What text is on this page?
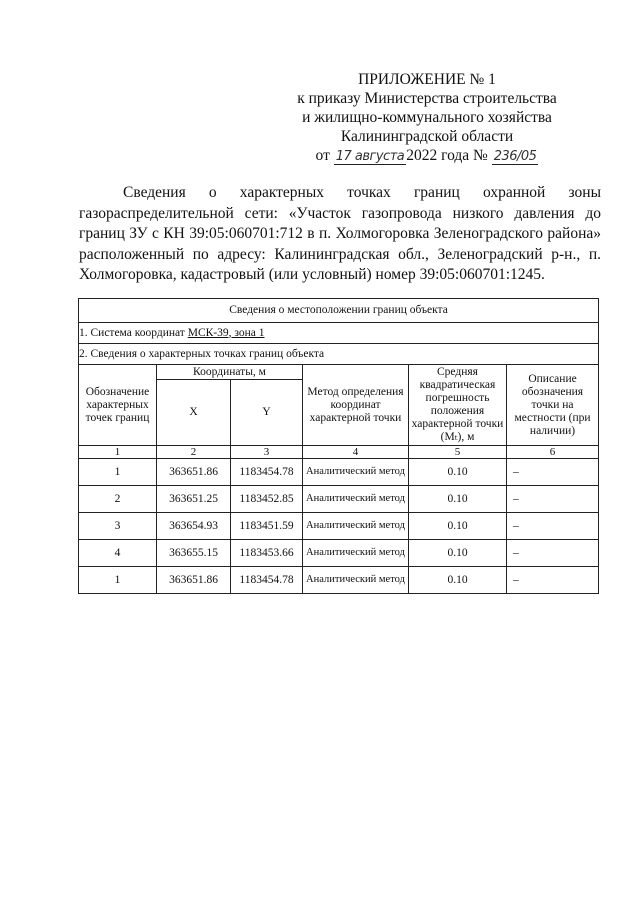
ПРИЛОЖЕНИЕ № 1
к приказу Министерства строительства
и жилищно-коммунального хозяйства
Калининградской области
от 17 августа 2022 года № 236/05
Сведения о характерных точках границ охранной зоны газораспределительной сети: «Участок газопровода низкого давления до границ ЗУ с КН 39:05:060701:712 в п. Холмогоровка Зеленоградского района» расположенный по адресу: Калининградская обл., Зеленоградский р-н., п. Холмогоровка, кадастровый (или условный) номер 39:05:060701:1245.
Сведения о местоположении границ объекта					
1. Система координат МСК-39, зона 1					
2. Сведения о характерных точках границ объекта					
Обозначение характерных точек границ	Координаты, м		Метод определения координат характерной точки	Средняя квадратическая погрешность положения характерной точки (Mₜ), м	Описание обозначения точки на местности (при наличии)
	X	Y			
1	2	3	4	5	6
1	363651.86	1183454.78	Аналитический метод	0.10	–
2	363651.25	1183452.85	Аналитический метод	0.10	–
3	363654.93	1183451.59	Аналитический метод	0.10	–
4	363655.15	1183453.66	Аналитический метод	0.10	–
1	363651.86	1183454.78	Аналитический метод	0.10	–
